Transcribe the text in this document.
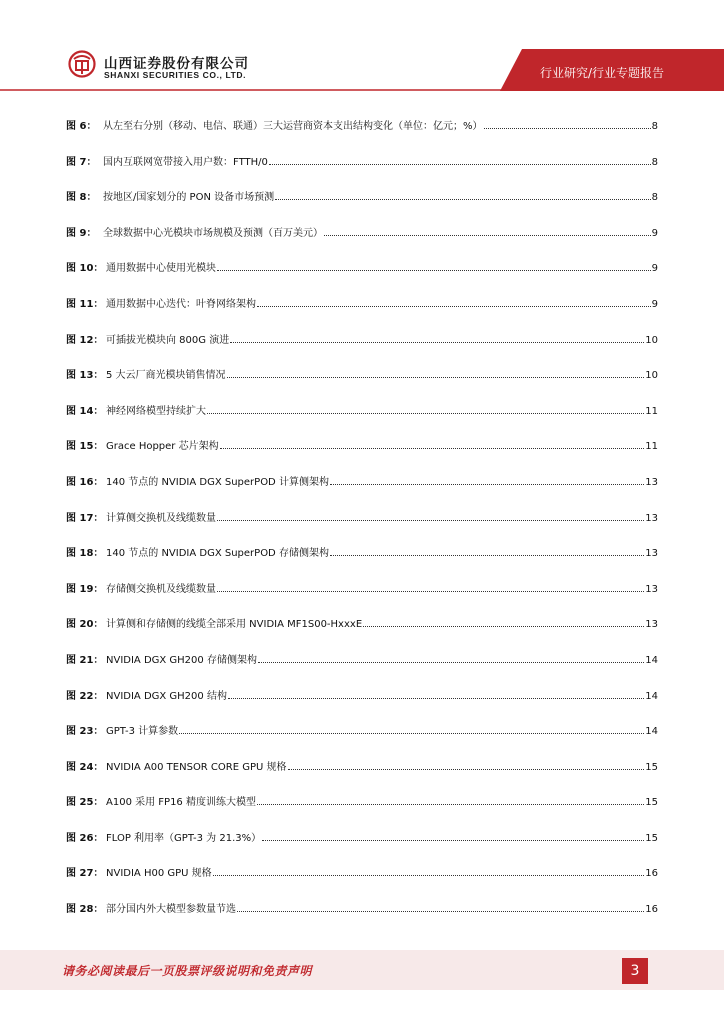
山西证券股份有限公司
SHANXI SECURITIES CO., LTD.	行业研究/行业专题报告
图 6： 从左至右分别（移动、电信、联通）三大运营商资本支出结构变化（单位：亿元；%）	8
图 7： 国内互联网宽带接入用户数：FTTH/0	8
图 8： 按地区/国家划分的 PON 设备市场预测	8
图 9： 全球数据中心光模块市场规模及预测（百万美元）	9
图 10： 通用数据中心使用光模块	9
图 11： 通用数据中心迭代：叶脊网络架构	9
图 12： 可插拔光模块向 800G 演进	10
图 13： 5 大云厂商光模块销售情况	10
图 14： 神经网络模型持续扩大	11
图 15： Grace Hopper 芯片架构	11
图 16： 140 节点的 NVIDIA DGX SuperPOD 计算侧架构	13
图 17： 计算侧交换机及线缆数量	13
图 18： 140 节点的 NVIDIA DGX SuperPOD 存储侧架构	13
图 19： 存储侧交换机及线缆数量	13
图 20： 计算侧和存储侧的线缆全部采用 NVIDIA MF1S00-HxxxE	13
图 21： NVIDIA DGX GH200 存储侧架构	14
图 22： NVIDIA DGX GH200 结构	14
图 23： GPT-3 计算参数	14
图 24： NVIDIA A00 TENSOR CORE GPU 规格	15
图 25： A100 采用 FP16 精度训练大模型	15
图 26： FLOP 利用率（GPT-3 为 21.3%）	15
图 27： NVIDIA H00 GPU 规格	16
图 28： 部分国内外大模型参数量节选	16
请务必阅读最后一页股票评级说明和免责声明	3
